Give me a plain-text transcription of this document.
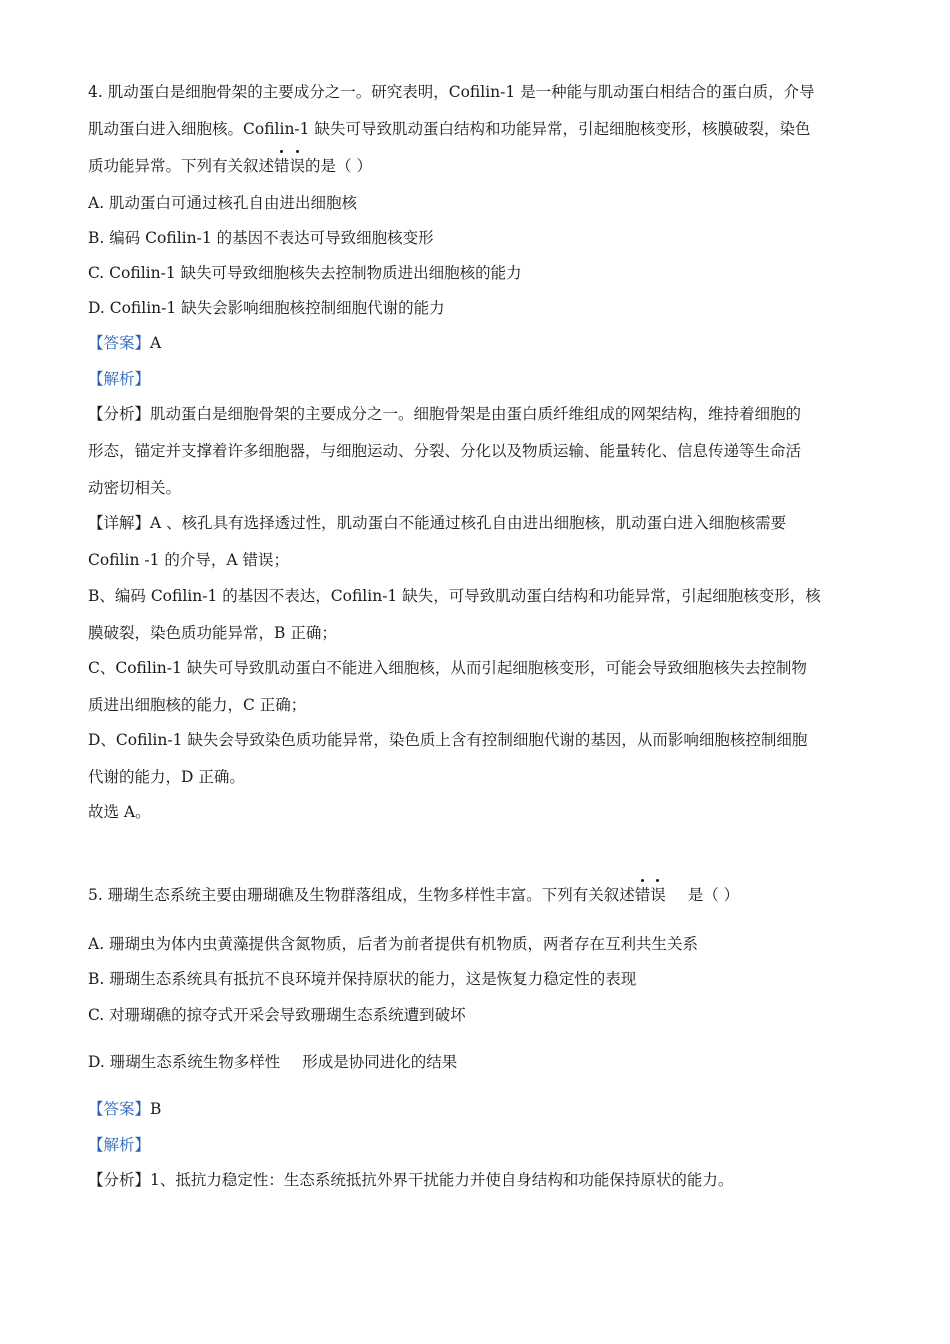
4. 肌动蛋白是细胞骨架的主要成分之一。研究表明，Cofilin-1 是一种能与肌动蛋白相结合的蛋白质，介导
肌动蛋白进入细胞核。Cofilin-1 缺失可导致肌动蛋白结构和功能异常，引起细胞核变形，核膜破裂，染色
质功能异常。下列有关叙述错误的是（ ）
A. 肌动蛋白可通过核孔自由进出细胞核
B. 编码 Cofilin-1 的基因不表达可导致细胞核变形
C. Cofilin-1 缺失可导致细胞核失去控制物质进出细胞核的能力
D. Cofilin-1 缺失会影响细胞核控制细胞代谢的能力
【答案】A
【解析】
【分析】肌动蛋白是细胞骨架的主要成分之一。细胞骨架是由蛋白质纤维组成的网架结构，维持着细胞的
形态，锚定并支撑着许多细胞器，与细胞运动、分裂、分化以及物质运输、能量转化、信息传递等生命活
动密切相关。
【详解】A 、核孔具有选择透过性，肌动蛋白不能通过核孔自由进出细胞核，肌动蛋白进入细胞核需要
Cofilin -1 的介导，A 错误；
B、编码 Cofilin-1 的基因不表达，Cofilin-1 缺失，可导致肌动蛋白结构和功能异常，引起细胞核变形，核
膜破裂，染色质功能异常，B 正确；
C、Cofilin-1 缺失可导致肌动蛋白不能进入细胞核，从而引起细胞核变形，可能会导致细胞核失去控制物
质进出细胞核的能力，C 正确；
D、Cofilin-1 缺失会导致染色质功能异常，染色质上含有控制细胞代谢的基因，从而影响细胞核控制细胞
代谢的能力，D 正确。
故选 A。
5. 珊瑚生态系统主要由珊瑚礁及生物群落组成，生物多样性丰富。下列有关叙述错误 是（ ）
A. 珊瑚虫为体内虫黄藻提供含氮物质，后者为前者提供有机物质，两者存在互利共生关系
B. 珊瑚生态系统具有抵抗不良环境并保持原状的能力，这是恢复力稳定性的表现
C. 对珊瑚礁的掠夺式开采会导致珊瑚生态系统遭到破坏
D. 珊瑚生态系统生物多样性 形成是协同进化的结果
【答案】B
【解析】
【分析】1、抵抗力稳定性：生态系统抵抗外界干扰能力并使自身结构和功能保持原状的能力。
